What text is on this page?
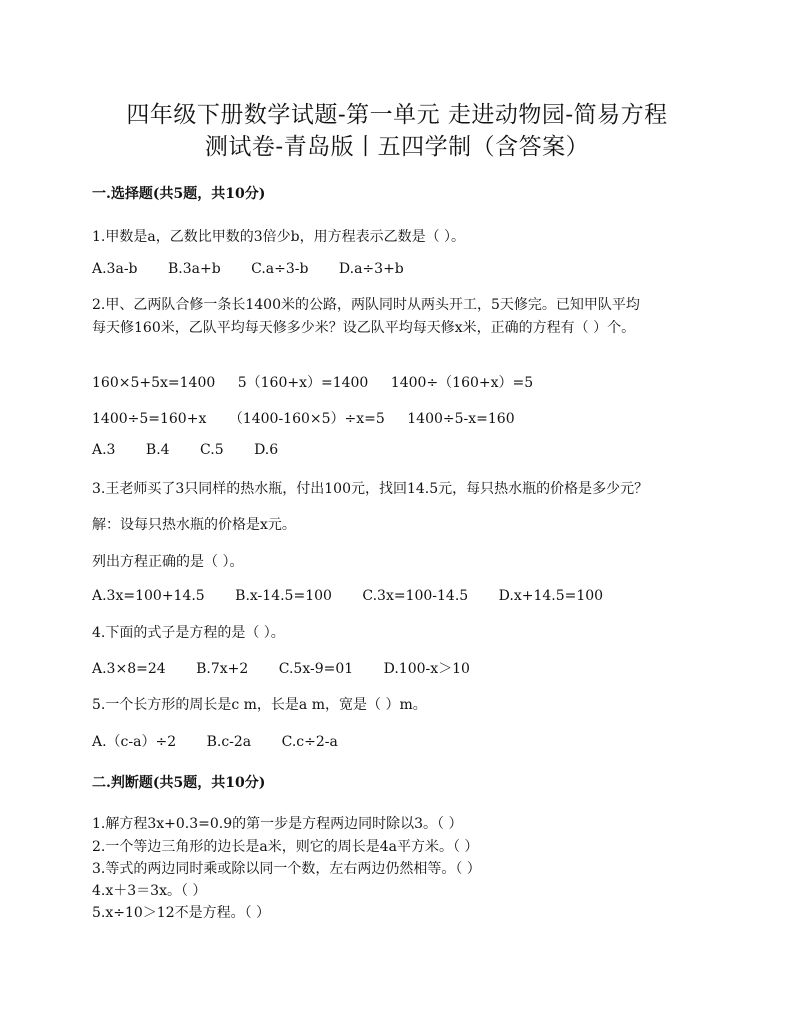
四年级下册数学试题-第一单元 走进动物园-简易方程
测试卷-青岛版丨五四学制（含答案）
一.选择题(共5题，共10分)
1.甲数是a，乙数比甲数的3倍少b，用方程表示乙数是（ ）。
A.3a-b B.3a+b C.a÷3-b D.a÷3+b
2.甲、乙两队合修一条长1400米的公路，两队同时从两头开工，5天修完。已知甲队平均
每天修160米，乙队平均每天修多少米？设乙队平均每天修x米，正确的方程有（ ）个。
160×5+5x=1400 5（160+x）=1400 1400÷（160+x）=5
1400÷5=160+x （1400-160×5）÷x=5 1400÷5-x=160
A.3 B.4 C.5 D.6
3.王老师买了3只同样的热水瓶，付出100元，找回14.5元，每只热水瓶的价格是多少元？
解：设每只热水瓶的价格是x元。
列出方程正确的是（ ）。
A.3x=100+14.5 B.x-14.5=100 C.3x=100-14.5 D.x+14.5=100
4.下面的式子是方程的是（ ）。
A.3×8=24 B.7x+2 C.5x-9=01 D.100-x＞10
5.一个长方形的周长是c m，长是a m，宽是（ ）m。
A.（c-a）÷2 B.c-2a C.c÷2-a
二.判断题(共5题，共10分)
1.解方程3x+0.3=0.9的第一步是方程两边同时除以3。（ ）
2.一个等边三角形的边长是a米，则它的周长是4a平方米。（ ）
3.等式的两边同时乘或除以同一个数，左右两边仍然相等。（ ）
4.x＋3＝3x。（ ）
5.x÷10＞12不是方程。（ ）
